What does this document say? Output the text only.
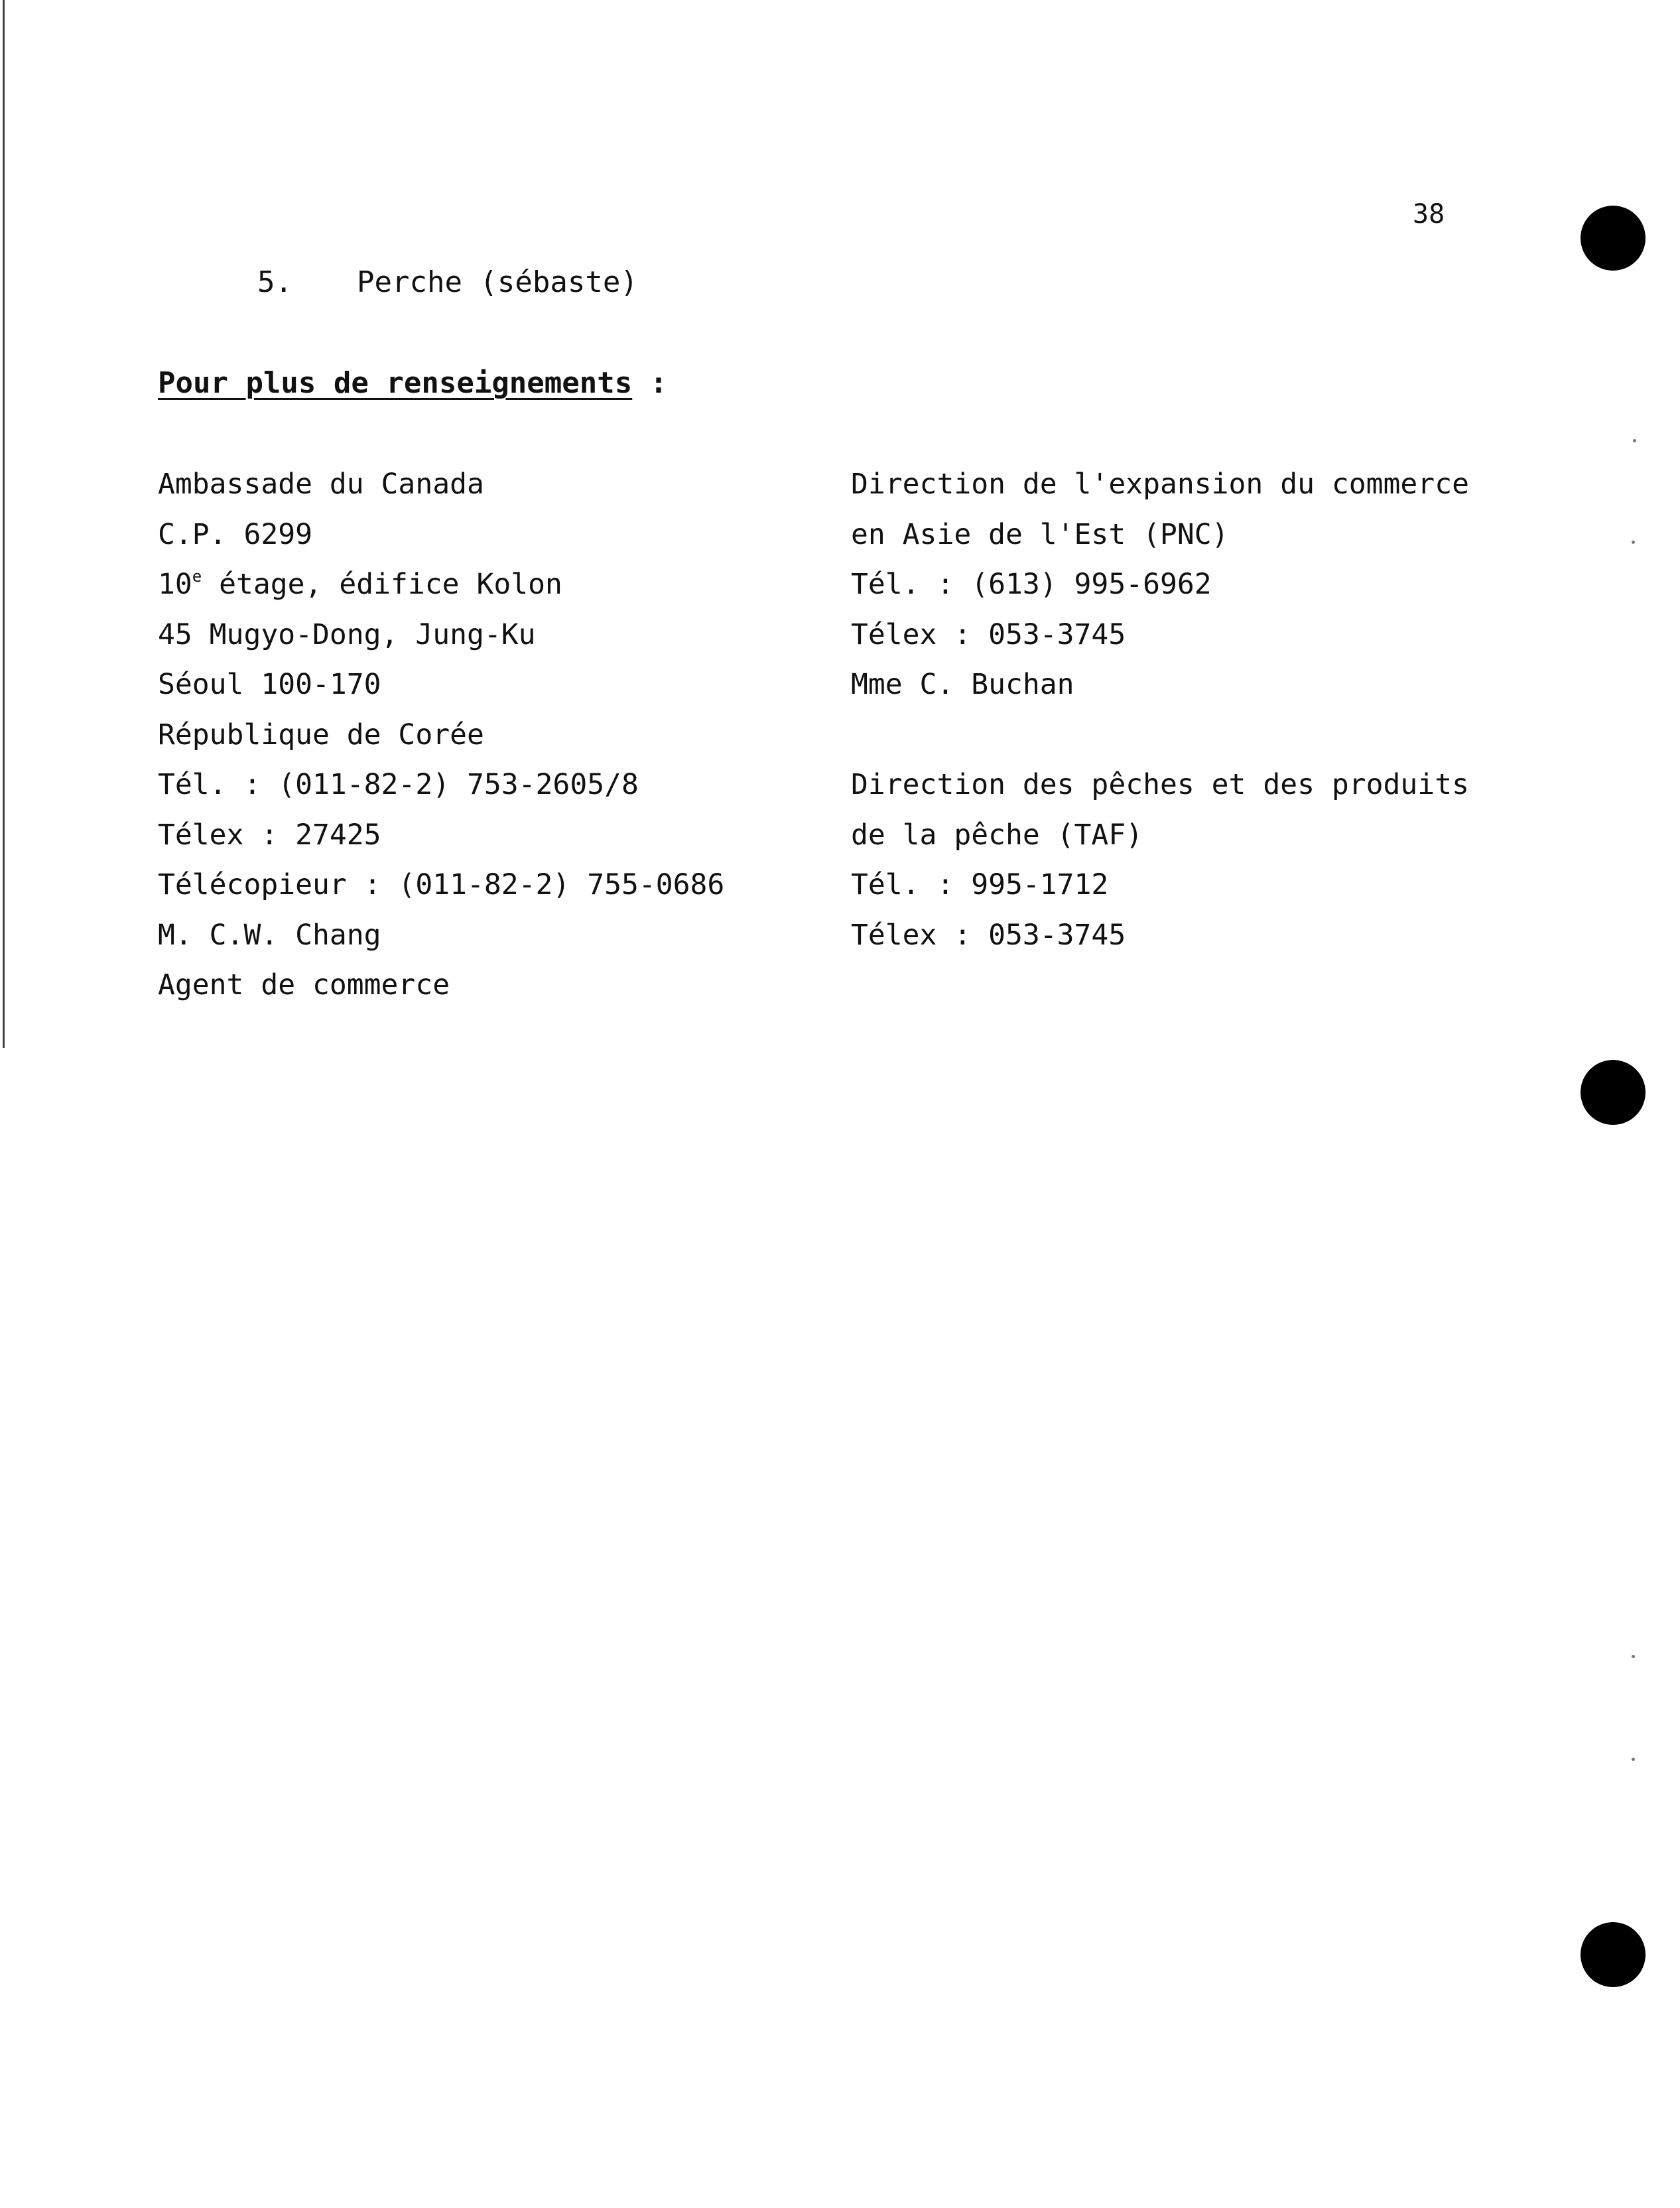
38
5. Perche (sébaste)
Pour plus de renseignements :
Ambassade du Canada
C.P. 6299
10e étage, édifice Kolon
45 Mugyo-Dong, Jung-Ku
Séoul 100-170
République de Corée
Tél. : (011-82-2) 753-2605/8
Télex : 27425
Télécopieur : (011-82-2) 755-0686
M. C.W. Chang
Agent de commerce
Direction de l'expansion du commerce
en Asie de l'Est (PNC)
Tél. : (613) 995-6962
Télex : 053-3745
Mme C. Buchan
Direction des pêches et des produits
de la pêche (TAF)
Tél. : 995-1712
Télex : 053-3745
